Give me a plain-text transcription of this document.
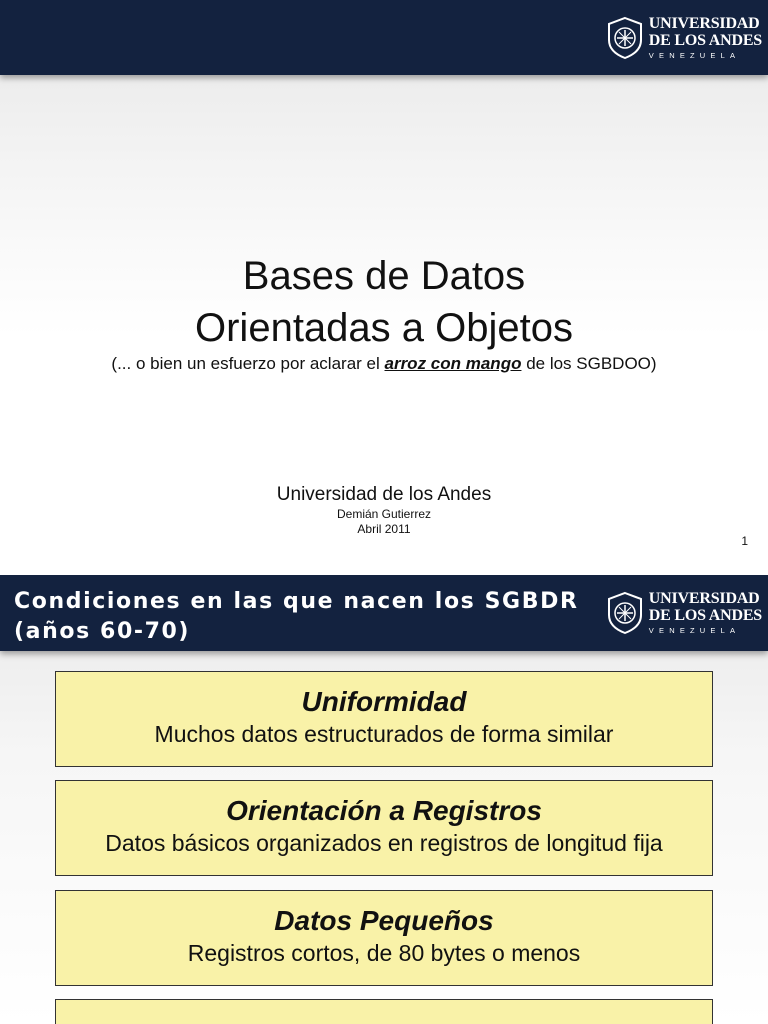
UNIVERSIDAD
DE LOS ANDES
VENEZUELA
Bases de Datos
Orientadas a Objetos
(... o bien un esfuerzo por aclarar el arroz con mango de los SGBDOO)
Universidad de los Andes
Demián Gutierrez
Abril 2011
1
Condiciones en las que nacen los SGBDR
(años 60-70)
UNIVERSIDAD
DE LOS ANDES
VENEZUELA
Uniformidad
Muchos datos estructurados de forma similar
Orientación a Registros
Datos básicos organizados en registros de longitud fija
Datos Pequeños
Registros cortos, de 80 bytes o menos
